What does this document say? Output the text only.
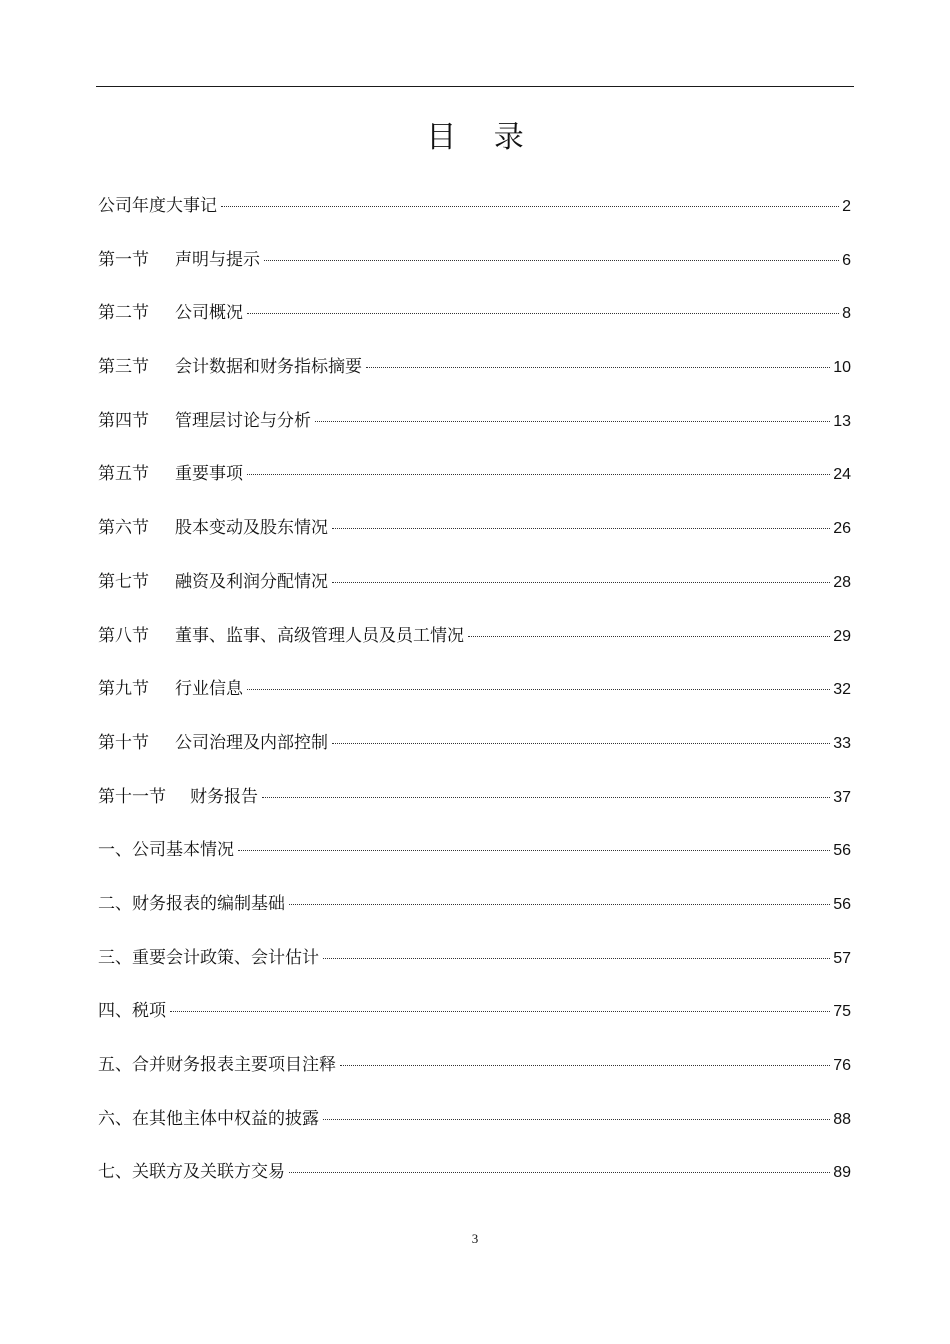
目 录
公司年度大事记	2
第一节 声明与提示	6
第二节 公司概况	8
第三节 会计数据和财务指标摘要	10
第四节 管理层讨论与分析	13
第五节 重要事项	24
第六节 股本变动及股东情况	26
第七节 融资及利润分配情况	28
第八节 董事、监事、高级管理人员及员工情况	29
第九节 行业信息	32
第十节 公司治理及内部控制	33
第十一节 财务报告	37
一、公司基本情况	56
二、财务报表的编制基础	56
三、重要会计政策、会计估计	57
四、税项	75
五、合并财务报表主要项目注释	76
六、在其他主体中权益的披露	88
七、关联方及关联方交易	89
3
